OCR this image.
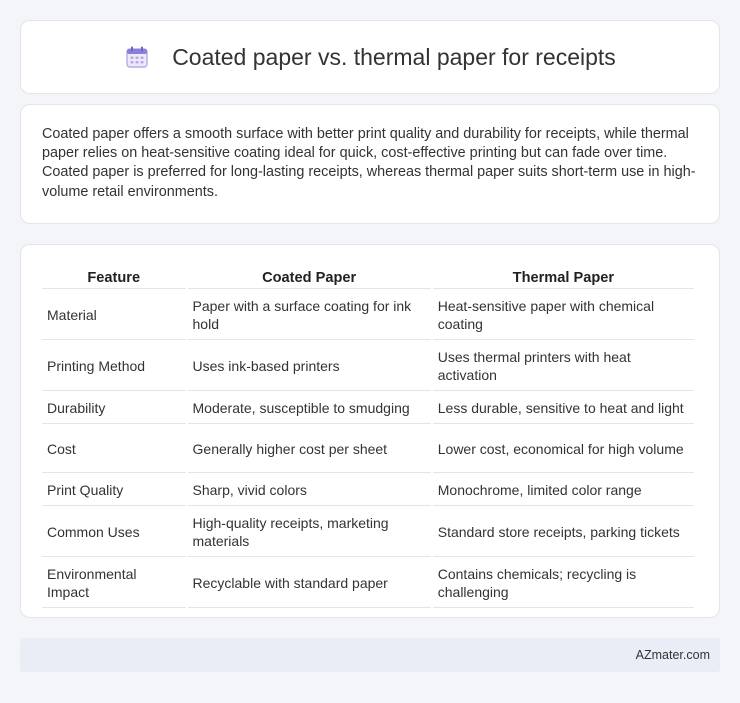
Coated paper vs. thermal paper for receipts

Coated paper offers a smooth surface with better print quality and durability for receipts, while thermal paper relies on heat-sensitive coating ideal for quick, cost-effective printing but can fade over time. Coated paper is preferred for long-lasting receipts, whereas thermal paper suits short-term use in high-volume retail environments.

Feature	Coated Paper	Thermal Paper
Material	Paper with a surface coating for ink hold	Heat-sensitive paper with chemical coating
Printing Method	Uses ink-based printers	Uses thermal printers with heat activation
Durability	Moderate, susceptible to smudging	Less durable, sensitive to heat and light
Cost	Generally higher cost per sheet	Lower cost, economical for high volume
Print Quality	Sharp, vivid colors	Monochrome, limited color range
Common Uses	High-quality receipts, marketing materials	Standard store receipts, parking tickets
Environmental Impact	Recyclable with standard paper	Contains chemicals; recycling is challenging
AZmater.com
